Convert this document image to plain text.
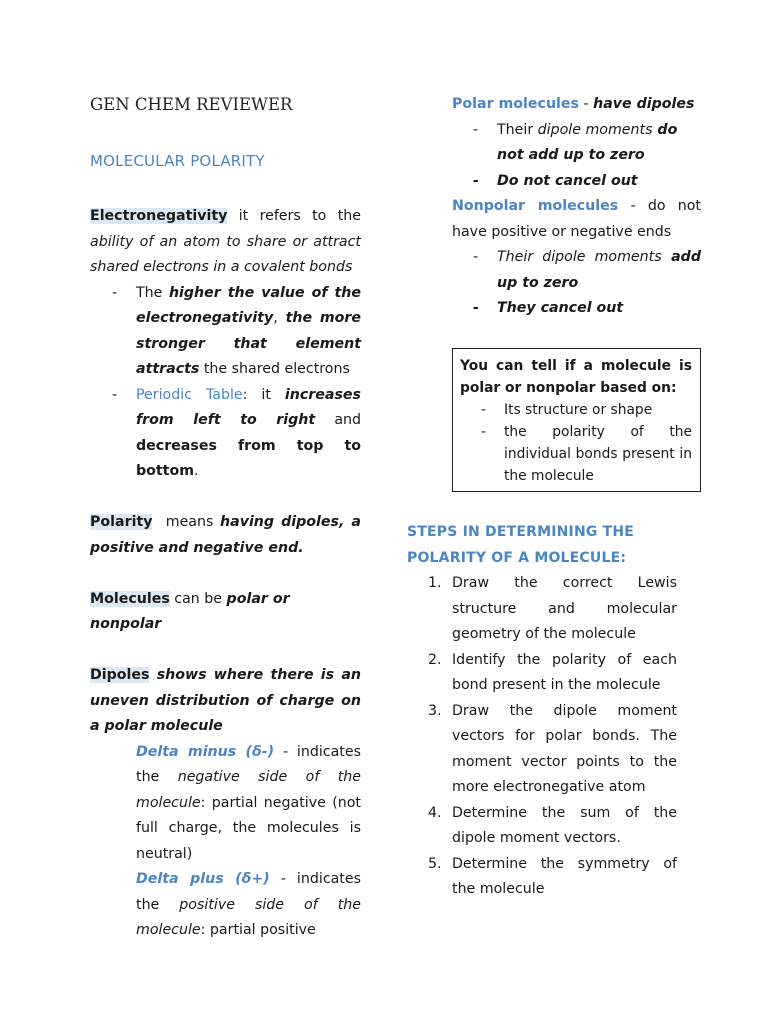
GEN CHEM REVIEWER

MOLECULAR POLARITY

Electronegativity it refers to the ability of an atom to share or attract shared electrons in a covalent bonds

- The higher the value of the electronegativity, the more stronger that element attracts the shared electrons

- Periodic Table: it increases from left to right and decreases from top to bottom.

Polarity  means having dipoles, a positive and negative end.

Molecules can be polar or nonpolar

Dipoles shows where there is an uneven distribution of charge on a polar molecule

Delta minus (δ-) - indicates the negative side of the molecule: partial negative (not full charge, the molecules is neutral)

Delta plus (δ+) - indicates the positive side of the molecule: partial positive

Polar molecules - have dipoles

- Their dipole moments do not add up to zero

- Do not cancel out

Nonpolar molecules - do not have positive or negative ends

- Their dipole moments add up to zero

- They cancel out

You can tell if a molecule is polar or nonpolar based on:

- Its structure or shape

- the polarity of the individual bonds present in the molecule

STEPS IN DETERMINING THE POLARITY OF A MOLECULE:

1. Draw the correct Lewis structure and molecular geometry of the molecule

2. Identify the polarity of each bond present in the molecule

3. Draw the dipole moment vectors for polar bonds. The moment vector points to the more electronegative atom

4. Determine the sum of the dipole moment vectors.

5. Determine the symmetry of the molecule
